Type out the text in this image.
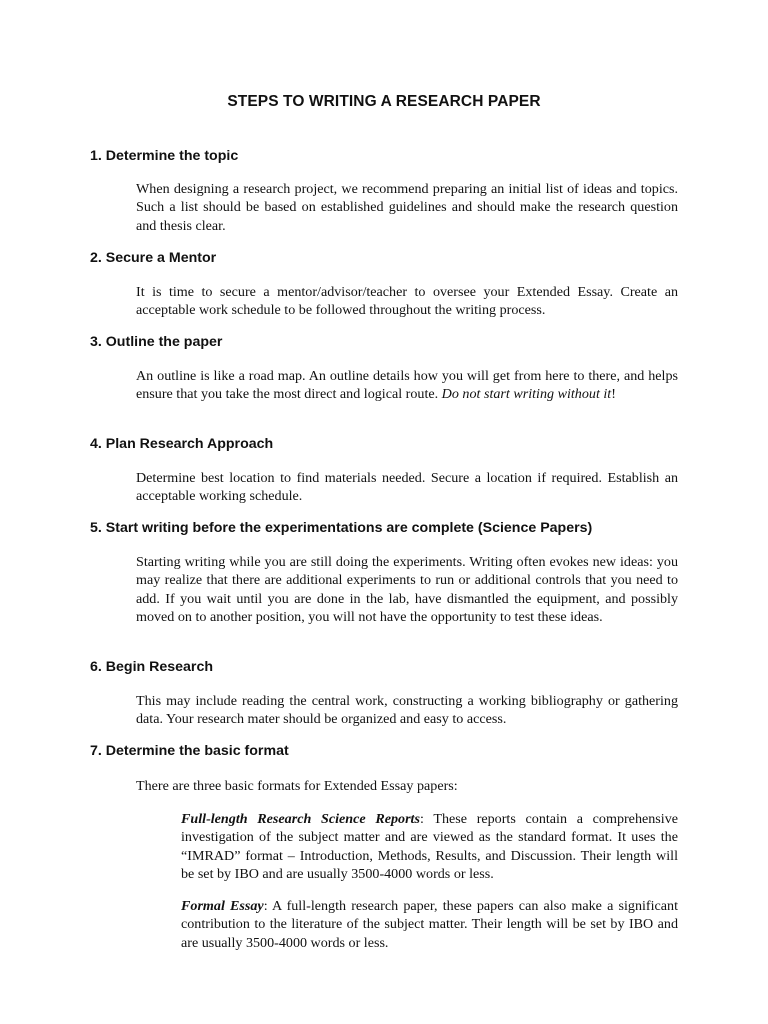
STEPS TO WRITING A RESEARCH PAPER
1. Determine the topic
When designing a research project, we recommend preparing an initial list of ideas and topics. Such a list should be based on established guidelines and should make the research question and thesis clear.
2. Secure a Mentor
It is time to secure a mentor/advisor/teacher to oversee your Extended Essay. Create an acceptable work schedule to be followed throughout the writing process.
3. Outline the paper
An outline is like a road map. An outline details how you will get from here to there, and helps ensure that you take the most direct and logical route. Do not start writing without it!
4. Plan Research Approach
Determine best location to find materials needed. Secure a location if required. Establish an acceptable working schedule.
5. Start writing before the experimentations are complete (Science Papers)
Starting writing while you are still doing the experiments. Writing often evokes new ideas: you may realize that there are additional experiments to run or additional controls that you need to add. If you wait until you are done in the lab, have dismantled the equipment, and possibly moved on to another position, you will not have the opportunity to test these ideas.
6. Begin Research
This may include reading the central work, constructing a working bibliography or gathering data. Your research mater should be organized and easy to access.
7. Determine the basic format
There are three basic formats for Extended Essay papers:
Full-length Research Science Reports: These reports contain a comprehensive investigation of the subject matter and are viewed as the standard format. It uses the “IMRAD” format – Introduction, Methods, Results, and Discussion. Their length will be set by IBO and are usually 3500-4000 words or less.
Formal Essay: A full-length research paper, these papers can also make a significant contribution to the literature of the subject matter. Their length will be set by IBO and are usually 3500-4000 words or less.
